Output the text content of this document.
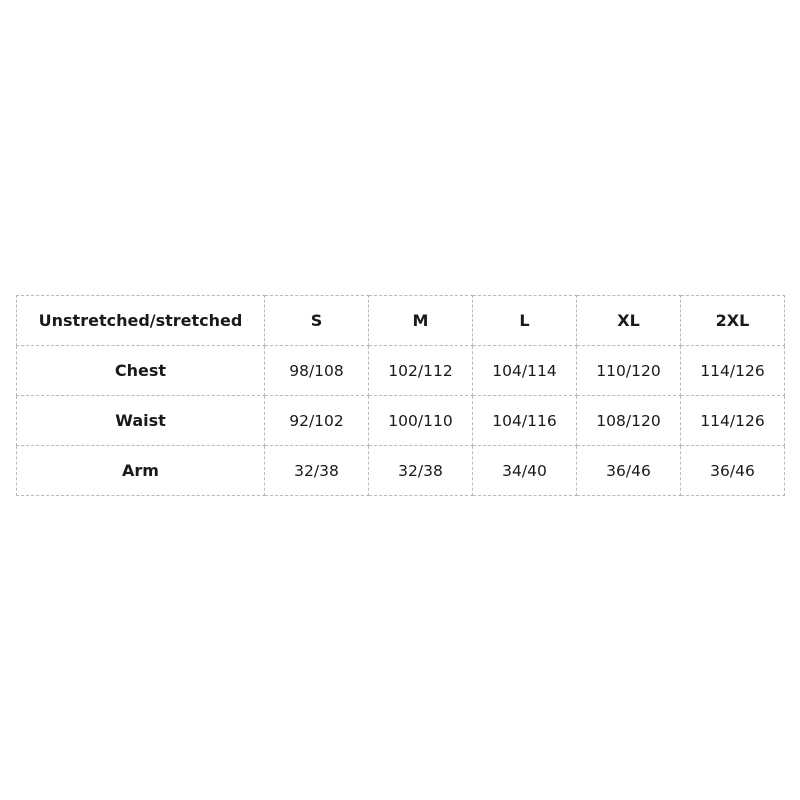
Unstretched/stretched	S	M	L	XL	2XL
Chest	98/108	102/112	104/114	110/120	114/126
Waist	92/102	100/110	104/116	108/120	114/126
Arm	32/38	32/38	34/40	36/46	36/46
